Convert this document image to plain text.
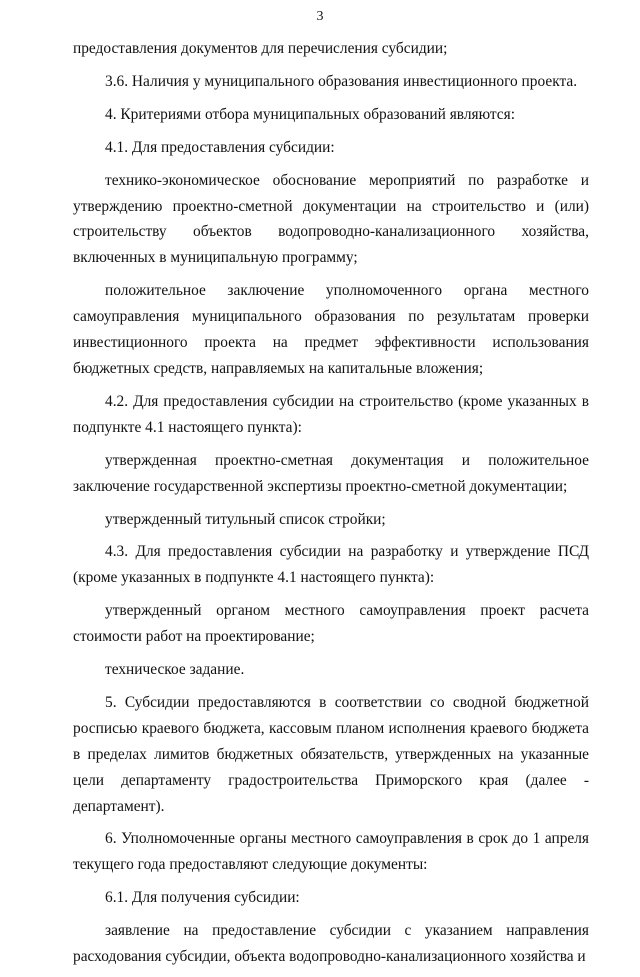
3

предоставления документов для перечисления субсидии;

3.6. Наличия у муниципального образования инвестиционного проекта.

4. Критериями отбора муниципальных образований являются:

4.1. Для предоставления субсидии:

технико-экономическое обоснование мероприятий по разработке и утверждению проектно-сметной документации на строительство и (или) строительству объектов водопроводно-канализационного хозяйства, включенных в муниципальную программу;

положительное заключение уполномоченного органа местного самоуправления муниципального образования по результатам проверки инвестиционного проекта на предмет эффективности использования бюджетных средств, направляемых на капитальные вложения;

4.2. Для предоставления субсидии на строительство (кроме указанных в подпункте 4.1 настоящего пункта):

утвержденная проектно-сметная документация и положительное заключение государственной экспертизы проектно-сметной документации;

утвержденный титульный список стройки;

4.3. Для предоставления субсидии на разработку и утверждение ПСД (кроме указанных в подпункте 4.1 настоящего пункта):

утвержденный органом местного самоуправления проект расчета стоимости работ на проектирование;

техническое задание.

5. Субсидии предоставляются в соответствии со сводной бюджетной росписью краевого бюджета, кассовым планом исполнения краевого бюджета в пределах лимитов бюджетных обязательств, утвержденных на указанные цели департаменту градостроительства Приморского края (далее - департамент).

6. Уполномоченные органы местного самоуправления в срок до 1 апреля текущего года предоставляют следующие документы:

6.1. Для получения субсидии:

заявление на предоставление субсидии с указанием направления расходования субсидии, объекта водопроводно-канализационного хозяйства и
